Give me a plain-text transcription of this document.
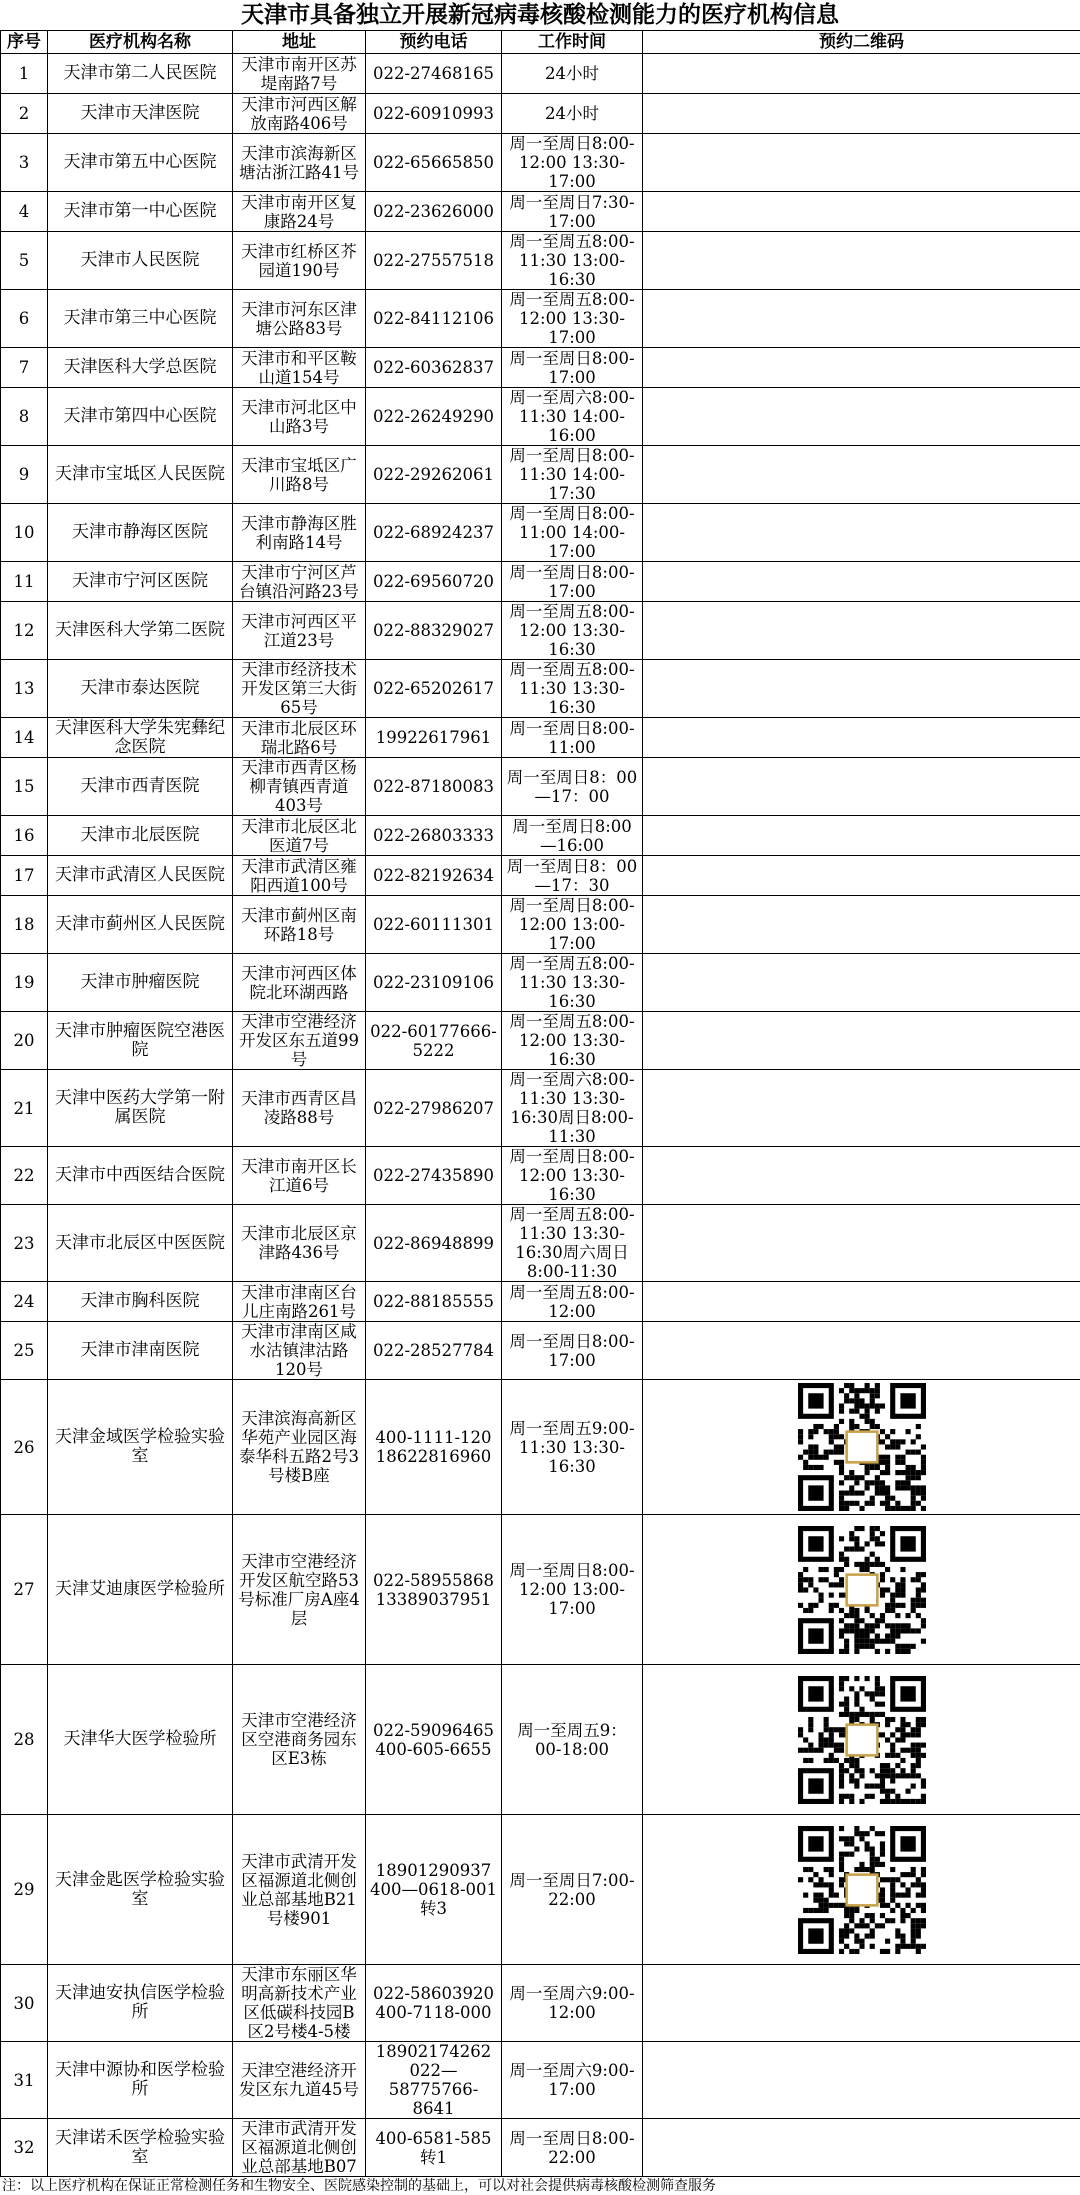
天津市具备独立开展新冠病毒核酸检测能力的医疗机构信息
序号	医疗机构名称	地址	预约电话	工作时间	预约二维码
1	天津市第二人民医院	天津市南开区苏堤南路7号	022-27468165	24小时	
2	天津市天津医院	天津市河西区解放南路406号	022-60910993	24小时	
3	天津市第五中心医院	天津市滨海新区塘沽浙江路41号	022-65665850	周一至周日8:00-12:00 13:30-17:00	
4	天津市第一中心医院	天津市南开区复康路24号	022-23626000	周一至周日7:30-17:00	
5	天津市人民医院	天津市红桥区芥园道190号	022-27557518	周一至周五8:00-11:30 13:00-16:30	
6	天津市第三中心医院	天津市河东区津塘公路83号	022-84112106	周一至周五8:00-12:00 13:30-17:00	
7	天津医科大学总医院	天津市和平区鞍山道154号	022-60362837	周一至周日8:00-17:00	
8	天津市第四中心医院	天津市河北区中山路3号	022-26249290	周一至周六8:00-11:30 14:00-16:00	
9	天津市宝坻区人民医院	天津市宝坻区广川路8号	022-29262061	周一至周日8:00-11:30 14:00-17:30	
10	天津市静海区医院	天津市静海区胜利南路14号	022-68924237	周一至周日8:00-11:00 14:00-17:00	
11	天津市宁河区医院	天津市宁河区芦台镇沿河路23号	022-69560720	周一至周日8:00-17:00	
12	天津医科大学第二医院	天津市河西区平江道23号	022-88329027	周一至周五8:00-12:00 13:30-16:30	
13	天津市泰达医院	天津市经济技术开发区第三大街65号	022-65202617	周一至周五8:00-11:30 13:30-16:30	
14	天津医科大学朱宪彝纪念医院	天津市北辰区环瑞北路6号	19922617961	周一至周日8:00-11:00	
15	天津市西青医院	天津市西青区杨柳青镇西青道403号	022-87180083	周一至周日8：00—17：00	
16	天津市北辰医院	天津市北辰区北医道7号	022-26803333	周一至周日8:00—16:00	
17	天津市武清区人民医院	天津市武清区雍阳西道100号	022-82192634	周一至周日8：00—17：30	
18	天津市蓟州区人民医院	天津市蓟州区南环路18号	022-60111301	周一至周日8:00-12:00 13:00-17:00	
19	天津市肿瘤医院	天津市河西区体院北环湖西路	022-23109106	周一至周五8:00-11:30 13:30-16:30	
20	天津市肿瘤医院空港医院	天津市空港经济开发区东五道99号	022-60177666-5222	周一至周五8:00-12:00 13:30-16:30	
21	天津中医药大学第一附属医院	天津市西青区昌凌路88号	022-27986207	周一至周六8:00-11:30 13:30-16:30周日8:00-11:30	
22	天津市中西医结合医院	天津市南开区长江道6号	022-27435890	周一至周日8:00-12:00 13:30-16:30	
23	天津市北辰区中医医院	天津市北辰区京津路436号	022-86948899	周一至周五8:00-11:30 13:30-16:30周六周日8:00-11:30	
24	天津市胸科医院	天津市津南区台儿庄南路261号	022-88185555	周一至周五8:00-12:00	
25	天津市津南医院	天津市津南区咸水沽镇津沽路120号	022-28527784	周一至周日8:00-17:00	
26	天津金域医学检验实验室	天津滨海高新区华苑产业园区海泰华科五路2号3号楼B座	400-1111-120 18622816960	周一至周五9:00-11:30 13:30-16:30	

27	天津艾迪康医学检验所	天津市空港经济开发区航空路53号标准厂房A座4层	022-58955868 13389037951	周一至周日8:00-12:00 13:00-17:00	

28	天津华大医学检验所	天津市空港经济区空港商务园东区E3栋	022-59096465 400-605-6655	周一至周五9：00-18:00	

29	天津金匙医学检验实验室	天津市武清开发区福源道北侧创业总部基地B21号楼901	18901290937 400—0618-001转3	周一至周日7:00-22:00	

30	天津迪安执信医学检验所	天津市东丽区华明高新技术产业区低碳科技园B区2号楼4-5楼	022-58603920 400-7118-000	周一至周六9:00-12:00	
31	天津中源协和医学检验所	天津空港经济开发区东九道45号	18902174262 022—58775766-8641	周一至周六9:00-17:00	
32	天津诺禾医学检验实验室	天津市武清开发区福源道北侧创业总部基地B07	400-6581-585转1	周一至周日8:00-22:00	
注：以上医疗机构在保证正常检测任务和生物安全、医院感染控制的基础上，可以对社会提供病毒核酸检测筛查服务
